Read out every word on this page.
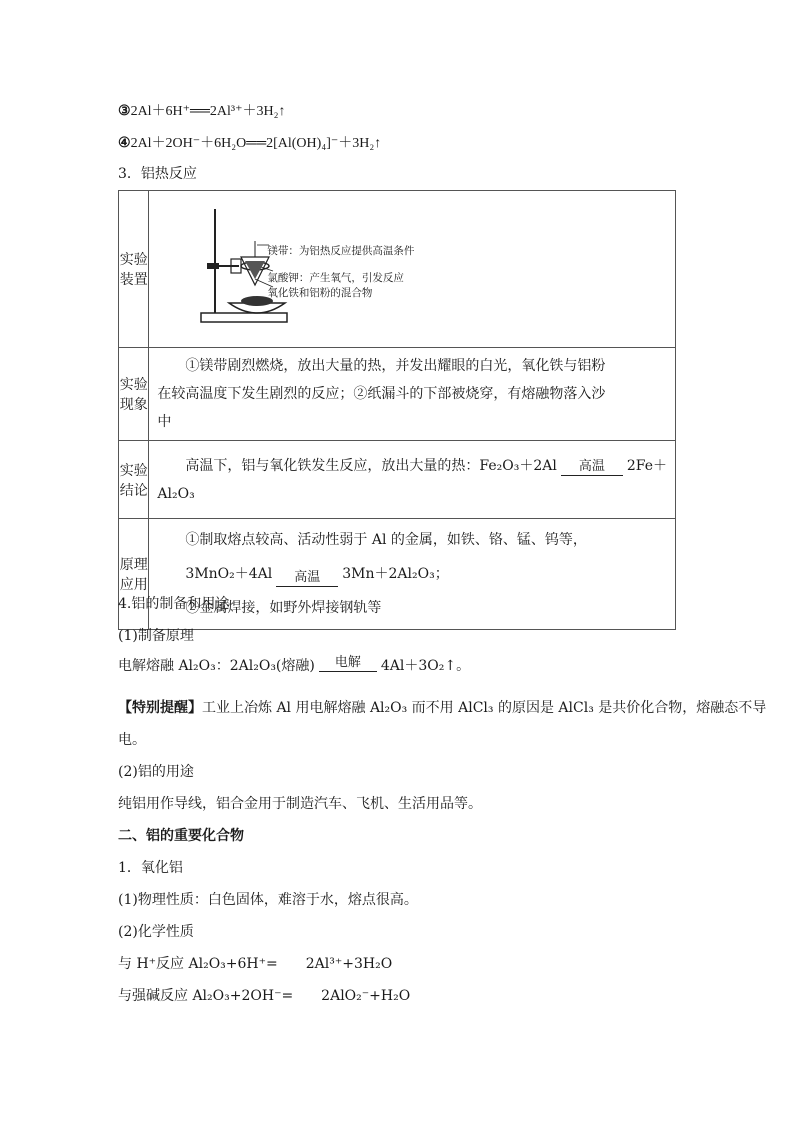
③2Al＋6H⁺══2Al³⁺＋3H₂↑
④2Al＋2OH⁻＋6H₂O══2[Al(OH)₄]⁻＋3H₂↑
3．铝热反应
实验装置	镁带：为铝热反应提供高温条件
氯酸钾：产生氧气，引发反应
氧化铁和铝粉的混合物

实验现象	①镁带剧烈燃烧，放出大量的热，并发出耀眼的白光，氧化铁与铝粉在较高温度下发生剧烈的反应；②纸漏斗的下部被烧穿，有熔融物落入沙中

实验结论	高温下，铝与氧化铁发生反应，放出大量的热：Fe₂O₃＋2Al 高温 2Fe＋
Al₂O₃

原理应用	①制取熔点较高、活动性弱于 Al 的金属，如铁、铬、锰、钨等，
3MnO₂＋4Al 高温 3Mn＋2Al₂O₃；
②金属焊接，如野外焊接钢轨等
4.铝的制备和用途
(1)制备原理
电解熔融 Al₂O₃：2Al₂O₃(熔融)	电解	4Al＋3O₂↑。
【特别提醒】工业上冶炼 Al 用电解熔融 Al₂O₃ 而不用 AlCl₃ 的原因是 AlCl₃ 是共价化合物，熔融态不导
电。
(2)铝的用途
纯铝用作导线，铝合金用于制造汽车、飞机、生活用品等。
二、铝的重要化合物
1．氧化铝
(1)物理性质：白色固体，难溶于水，熔点很高。
(2)化学性质
与 H⁺反应 Al₂O₃+6H⁺=　　2Al³⁺+3H₂O
与强碱反应 Al₂O₃+2OH⁻=　　2AlO₂⁻+H₂O
